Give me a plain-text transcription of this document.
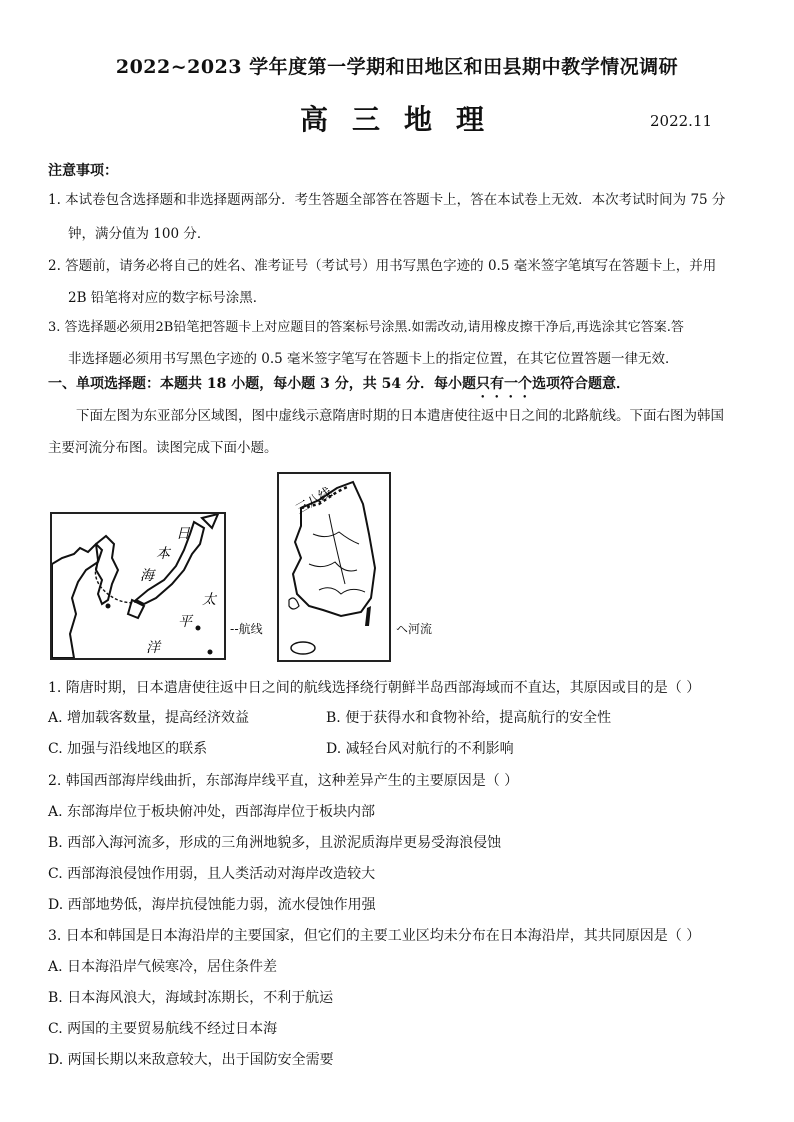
2022~2023 学年度第一学期和田地区和田县期中教学情况调研
高三地理	2022.11
注意事项：
1. 本试卷包含选择题和非选择题两部分．考生答题全部答在答题卡上，答在本试卷上无效．本次考试时间为 75 分
钟，满分值为 100 分．
2. 答题前，请务必将自己的姓名、准考证号（考试号）用书写黑色字迹的 0.5 毫米签字笔填写在答题卡上，并用
2B 铅笔将对应的数字标号涂黑．
3. 答选择题必须用2B铅笔把答题卡上对应题目的答案标号涂黑.如需改动,请用橡皮擦干净后,再选涂其它答案.答
非选择题必须用书写黑色字迹的 0.5 毫米签字笔写在答题卡上的指定位置，在其它位置答题一律无效．
一、单项选择题：本题共 18 小题，每小题 3 分，共 54 分．每小题只有一个选项符合题意．
下面左图为东亚部分区域图，图中虚线示意隋唐时期的日本遣唐使往返中日之间的北路航线。下面右图为韩国
主要河流分布图。读图完成下面小题。
日
本
海
太
平
洋
--航线
三八线
ヘ河流
1. 隋唐时期，日本遣唐使往返中日之间的航线选择绕行朝鲜半岛西部海域而不直达，其原因或目的是（ ）
A. 增加载客数量，提高经济效益	B. 便于获得水和食物补给，提高航行的安全性
C. 加强与沿线地区的联系	D. 减轻台风对航行的不利影响
2. 韩国西部海岸线曲折，东部海岸线平直，这种差异产生的主要原因是（ ）
A. 东部海岸位于板块俯冲处，西部海岸位于板块内部
B. 西部入海河流多，形成的三角洲地貌多，且淤泥质海岸更易受海浪侵蚀
C. 西部海浪侵蚀作用弱，且人类活动对海岸改造较大
D. 西部地势低，海岸抗侵蚀能力弱，流水侵蚀作用强
3. 日本和韩国是日本海沿岸的主要国家，但它们的主要工业区均未分布在日本海沿岸，其共同原因是（ ）
A. 日本海沿岸气候寒冷，居住条件差
B. 日本海风浪大，海域封冻期长，不利于航运
C. 两国的主要贸易航线不经过日本海
D. 两国长期以来敌意较大，出于国防安全需要
